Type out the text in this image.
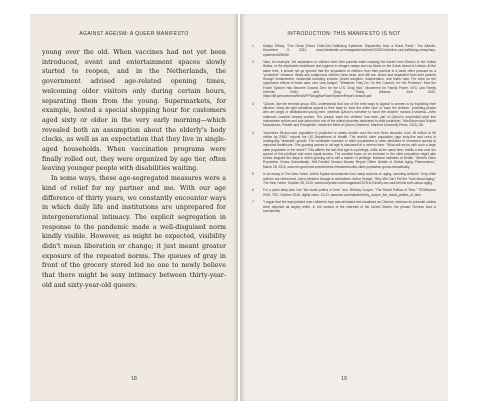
AGAINST AGEISM: A QUEER MANIFESTO

young over the old. When vaccines had not yet been introduced, event and entertainment spaces slowly started to reopen, and in the Netherlands, the government advised age-related opening times, welcoming older visitors only during certain hours, separating them from the young. Supermarkets, for example, hosted a special shopping hour for customers aged sixty or older in the very early morning—which revealed both an assumption about the elderly's body clocks, as well as an expectation that they live in single-aged households. When vaccination programs were finally rolled out, they were organized by age tier, often leaving younger people with disabilities waiting.

In some ways, these age-segregated measures were a kind of relief for my partner and me. With our age difference of thirty years, we constantly encounter ways in which daily life and institutions are unprepared for intergenerational intimacy. The explicit segregation in response to the pandemic made a well-disguised norm kindly visible. However, as might be expected, visibility didn't mean liberation or change; it just meant greater exposure of the repeated norms. The queues of gray in front of the grocery stored led no one to newly believe that there might be sexy intimacy between thirty-year-old and sixty-year-old queers.

18
INTRODUCTION: THIS MANIFESTO IS NOT
1	Kaitlyn Tiffany, "The Great (Fake) Child-Sex-Trafficking Epidemic: Dispatches from a Moral Panic," The Atlantic, December 9, 2021, www.theatlantic.com/magazine/archive/2022/01/children-sex-trafficking-conspiracy-epidemic/620845/.
2	Take, for example, the separation of children from their parents while crossing the border from Mexico to the United States, or the deplorable healthcare and hygiene in refugee camps such as Moria on the Greek island of Lesbos. At the same time, it should not go ignored that the separation of children from their parents is a tactic often pursued as a "protective" measure. Black and Indigenous children have been, and still are, stolen and separated from their parents through enslavement, residential boarding schools, forced adoption, incarceration, and foster care. For more on the oppressive effects of foster care, see: Lisa Sangoi, "'Whatever They Do, I'm Her Comfort, I'm Her Protector': How the Foster System Has Become Ground Zero for the U.S. Drug War," Movement for Family Power, NYU Law Family Defense Clinic, and Drug Policy Alliance, June 2020, https://bit.ly/movement/files/MFP/DrugWarFosterSystemReport.cleaned.pdf.
3	"QAnon, like the terrorist group ISIS, understands that one of the best ways to appeal to women is by exploiting their altruism. Many far-right narratives appeal to their base to 'save the white race' or 'save the children,' providing people who are angry or disillusioned young men, whereas QAnon's narrative to 'save the children' evokes a visceral—even maternal—reaction among women. The phrase 'save the children' has been part of QAnon's successful pivot into mainstream culture and was taken from one of the oldest churches dedicated to child protection." Mia Bloom and Sophia Moskalenko, Pastels and Pedophiles: Inside the Mind of QAnon (Stanford: Stanford University Press, 2021), 56.
4	"America's 65-and-over population is projected to nearly double over the next three decades, from 48 million to 88 million by 2050," reports the US Department of Health. The world's older population (age sixty-five and over) is undergoing "dramatic" growth. The worldwide increase in older populations is often attributed to increased access to improved healthcare. This growing access to old age is discussed in a worried tone: "What will we do with such a large older population in the world?" This affirms the fact that age is a privilege, while at the same time, instills a fear over the spread of this privilege and more equal access. The societal focus on an increase in the older population might also further disguise the ways in which growing old is still a marker of privilege. National Institutes of Health, "World's Older Population Grows Dramatically: NIH-Funded Census Bureau Report Offers Details of Global Aging Phenomenon," March 28, 2016, www.nih.gov/news-events/news-releases/worlds-older-population-grows-dramatically.
5	In an essay in The New Yorker, Arthur Krystal summarizes from many sources on aging, including Aristotle. Only white authors are referenced, and a Western lineage is centralized. Arthur Krystal, "Why We Can't Tell the Truth About Aging," The New Yorker, October 28, 2019, www.newyorker.com/magazine/2019/11/04/why-we-cant-tell-the-truth-about-aging.
6	For a quick deep-dive into "the racial politics of time," see, Brittney Cooper, "The Racial Politics of Time," TEDWomen 2016, TED, October 2016, digital video, 12:21, www.ted.com/talks/brittney_cooper_the_racial_politics_of_time.
7	"I argue that the lead painted onto children's toys was animated and racialized as Chinese, whereas its potential victims were depicted as largely white. In the context of the interests of the United States, the phrase Chinese lead is consistently
19
